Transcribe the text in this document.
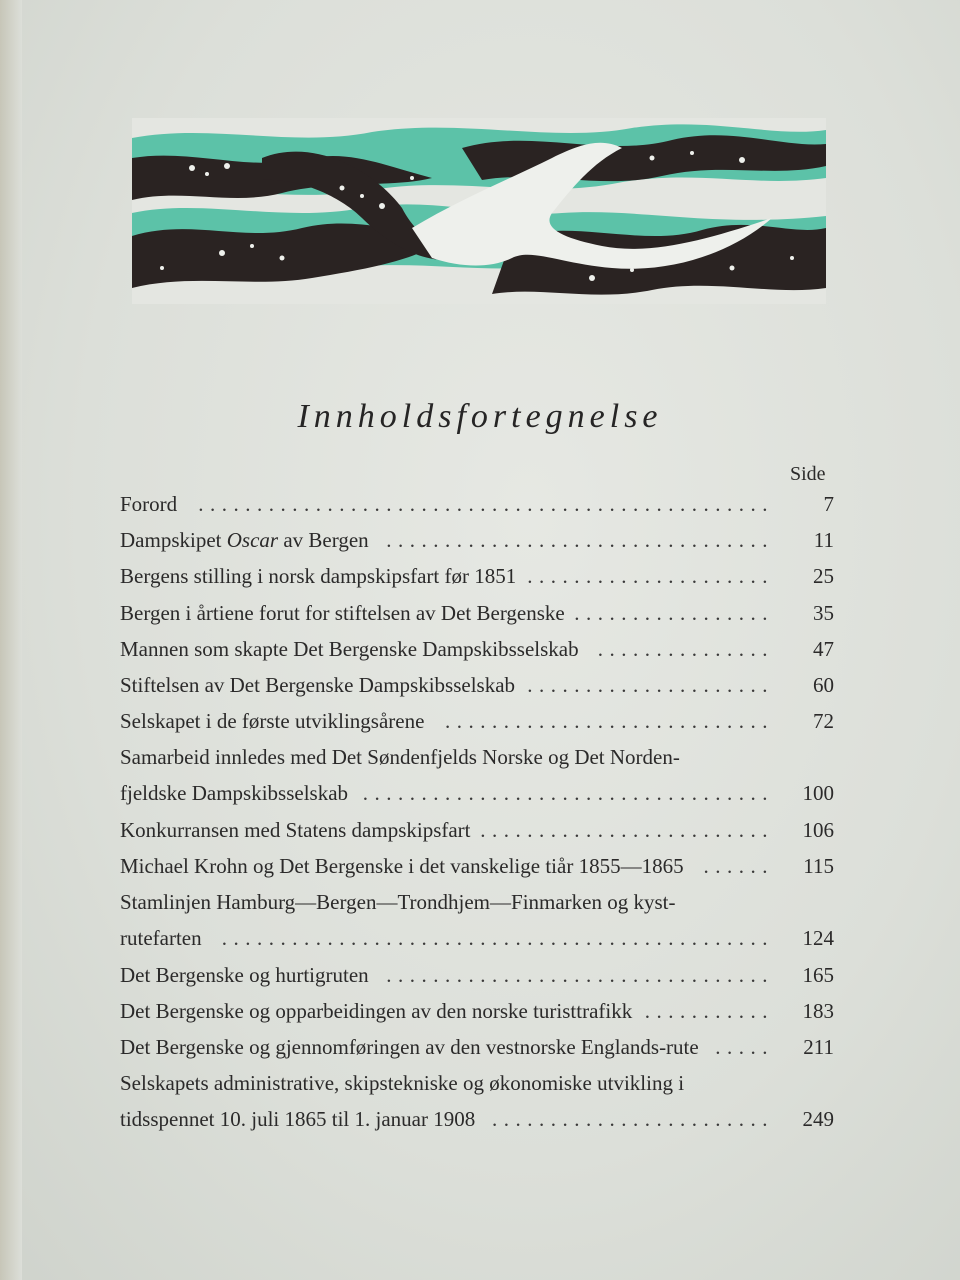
Innholdsfortegnelse
Side
Forord .................................................	7
Dampskipet Oscar av Bergen .................................	11
Bergens stilling i norsk dampskipsfart før 1851 .....................	25
Bergen i årtiene forut for stiftelsen av Det Bergenske .................	35
Mannen som skapte Det Bergenske Dampskibsselskab ...............	47
Stiftelsen av Det Bergenske Dampskibsselskab .....................	60
Selskapet i de første utviklingsårene ............................	72
Samarbeid innledes med Det Søndenfjelds Norske og Det Norden-
fjeldske Dampskibsselskab ...................................	100
Konkurransen med Statens dampskipsfart .........................	106
Michael Krohn og Det Bergenske i det vanskelige tiår 1855—1865 ......	115
Stamlinjen Hamburg—Bergen—Trondhjem—Finmarken og kyst-
rutefarten ...............................................	124
Det Bergenske og hurtigruten .................................	165
Det Bergenske og opparbeidingen av den norske turisttrafikk ...........	183
Det Bergenske og gjennomføringen av den vestnorske Englands-rute .....	211
Selskapets administrative, skipstekniske og økonomiske utvikling i
tidsspennet 10. juli 1865 til 1. januar 1908 ........................	249
